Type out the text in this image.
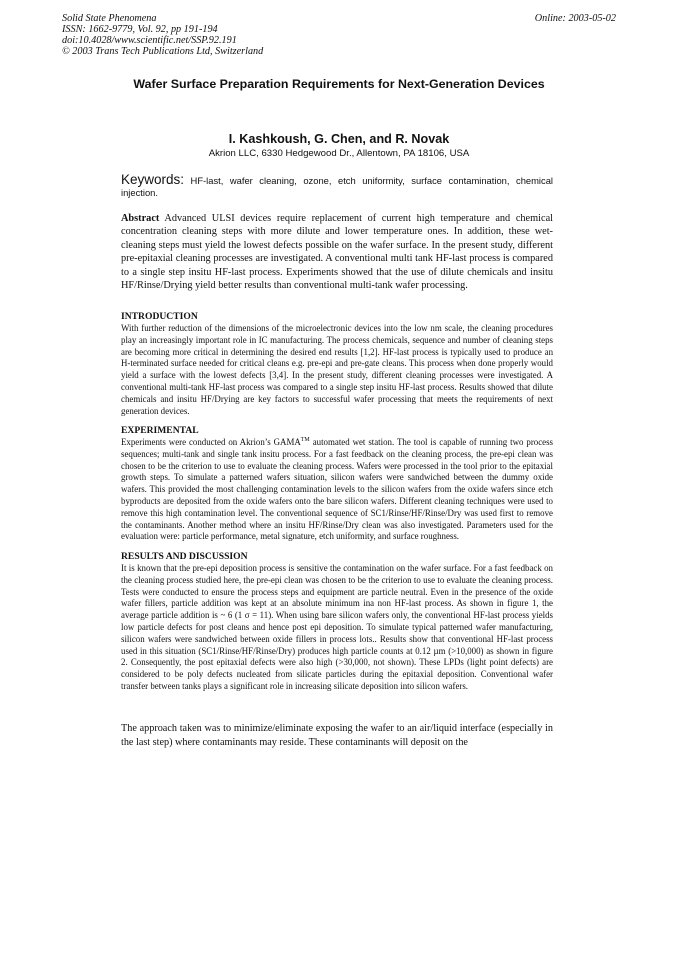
Solid State Phenomena
ISSN: 1662-9779, Vol. 92, pp 191-194
doi:10.4028/www.scientific.net/SSP.92.191
© 2003 Trans Tech Publications Ltd, Switzerland
Online: 2003-05-02
Wafer Surface Preparation Requirements for Next-Generation Devices
I. Kashkoush, G. Chen, and R. Novak
Akrion LLC, 6330 Hedgewood Dr., Allentown, PA 18106, USA
Keywords: HF-last, wafer cleaning, ozone, etch uniformity, surface contamination, chemical injection.
Abstract Advanced ULSI devices require replacement of current high temperature and chemical concentration cleaning steps with more dilute and lower temperature ones. In addition, these wet-cleaning steps must yield the lowest defects possible on the wafer surface. In the present study, different pre-epitaxial cleaning processes are investigated. A conventional multi tank HF-last process is compared to a single step insitu HF-last process. Experiments showed that the use of dilute chemicals and insitu HF/Rinse/Drying yield better results than conventional multi-tank wafer processing.
INTRODUCTION
With further reduction of the dimensions of the microelectronic devices into the low nm scale, the cleaning procedures play an increasingly important role in IC manufacturing. The process chemicals, sequence and number of cleaning steps are becoming more critical in determining the desired end results [1,2]. HF-last process is typically used to produce an H-terminated surface needed for critical cleans e.g. pre-epi and pre-gate cleans. This process when done properly would yield a surface with the lowest defects [3,4]. In the present study, different cleaning processes were investigated. A conventional multi-tank HF-last process was compared to a single step insitu HF-last process. Results showed that dilute chemicals and insitu HF/Drying are key factors to successful wafer processing that meets the requirements of next generation devices.
EXPERIMENTAL
Experiments were conducted on Akrion’s GAMA™ automated wet station. The tool is capable of running two process sequences; multi-tank and single tank insitu process. For a fast feedback on the cleaning process, the pre-epi clean was chosen to be the criterion to use to evaluate the cleaning process. Wafers were processed in the tool prior to the epitaxial growth steps. To simulate a patterned wafers situation, silicon wafers were sandwiched between the dummy oxide wafers. This provided the most challenging contamination levels to the silicon wafers from the oxide wafers since etch byproducts are deposited from the oxide wafers onto the bare silicon wafers. Different cleaning techniques were used to remove this high contamination level. The conventional sequence of SC1/Rinse/HF/Rinse/Dry was used first to remove the contaminants. Another method where an insitu HF/Rinse/Dry clean was also investigated. Parameters used for the evaluation were: particle performance, metal signature, etch uniformity, and surface roughness.
RESULTS AND DISCUSSION
It is known that the pre-epi deposition process is sensitive the contamination on the wafer surface. For a fast feedback on the cleaning process studied here, the pre-epi clean was chosen to be the criterion to use to evaluate the cleaning process. Tests were conducted to ensure the process steps and equipment are particle neutral. Even in the presence of the oxide wafer fillers, particle addition was kept at an absolute minimum ina non HF-last process. As shown in figure 1, the average particle addition is ~ 6 (1 σ = 11). When using bare silicon wafers only, the conventional HF-last process yields low particle defects for post cleans and hence post epi deposition. To simulate typical patterned wafer manufacturing, silicon wafers were sandwiched between oxide fillers in process lots.. Results show that conventional HF-last process used in this situation (SC1/Rinse/HF/Rinse/Dry) produces high particle counts at 0.12 µm (>10,000) as shown in figure 2. Consequently, the post epitaxial defects were also high (>30,000, not shown). These LPDs (light point defects) are considered to be poly defects nucleated from silicate particles during the epitaxial deposition. Conventional wafer transfer between tanks plays a significant role in increasing silicate deposition into silicon wafers.
The approach taken was to minimize/eliminate exposing the wafer to an air/liquid interface (especially in the last step) where contaminants may reside. These contaminants will deposit on the
